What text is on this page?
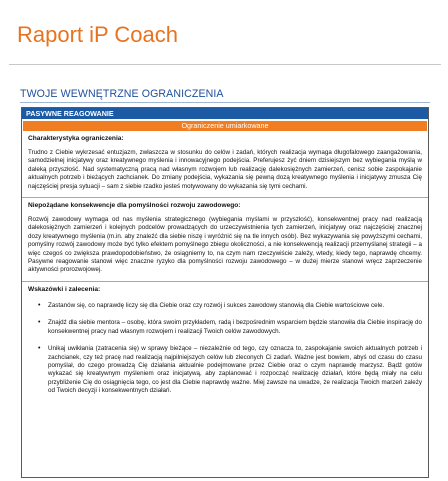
Raport iP Coach
TWOJE WEWNĘTRZNE OGRANICZENIA
PASYWNE REAGOWANIE
Ograniczenie umiarkowane
Charakterystyka ograniczenia:
Trudno z Ciebie wykrzesać entuzjazm, zwłaszcza w stosunku do celów i zadań, których realizacja wymaga długofalowego zaangażowania, samodzielnej inicjatywy oraz kreatywnego myślenia i innowacyjnego podejścia. Preferujesz żyć dniem dzisiejszym bez wybiegania myślą w daleką przyszłość. Nad systematyczną pracą nad własnym rozwojem lub realizację dalekosiężnych zamierzeń, cenisz sobie zaspokajanie aktualnych potrzeb i bieżących zachcianek. Do zmiany podejścia, wykazania się pewną dozą kreatywnego myślenia i inicjatywy zmusza Cię najczęściej presja sytuacji – sam z siebie rzadko jesteś motywowany do wykazania się tymi cechami.
Niepożądane konsekwencje dla pomyślności rozwoju zawodowego:
Rozwój zawodowy wymaga od nas myślenia strategicznego (wybiegania myślami w przyszłość), konsekwentnej pracy nad realizacją dalekosiężnych zamierzeń i kolejnych podcelów prowadzących do urzeczywistnienia tych zamierzeń, inicjatywy oraz najczęściej znacznej dozy kreatywnego myślenia (m.in. aby znaleźć dla siebie niszę i wyróżnić się na tle innych osób). Bez wykazywania się powyższymi cechami, pomyślny rozwój zawodowy może być tylko efektem pomyślnego zbiegu okoliczności, a nie konsekwencją realizacji przemyślanej strategii – a więc czegoś co zwiększa prawdopodobieństwo, że osiągniemy to, na czym nam rzeczywiście zależy, wtedy, kiedy tego, naprawdę chcemy. Pasywne reagowanie stanowi więc znaczne ryzyko dla pomyślności rozwoju zawodowego – w dużej mierze stanowi wręcz zaprzeczenie aktywności prorozwojowej.
Wskazówki i zalecenia:
• Zastanów się, co naprawdę liczy się dla Ciebie oraz czy rozwój i sukces zawodowy stanowią dla Ciebie wartościowe cele.
• Znajdź dla siebie mentora – osobę, która swoim przykładem, radą i bezpośrednim wsparciem będzie stanowiła dla Ciebie inspirację do konsekwentnej pracy nad własnym rozwojem i realizacji Twoich celów zawodowych.
• Unikaj uwikłania (zatracenia się) w sprawy bieżące – niezależnie od tego, czy oznacza to, zaspokajanie swoich aktualnych potrzeb i zachcianek, czy też pracę nad realizacją najpilniejszych celów lub zleconych Ci zadań. Ważne jest bowiem, abyś od czasu do czasu pomyślał, do czego prowadzą Cię działania aktualnie podejmowane przez Ciebie oraz o czym naprawdę marzysz. Bądź gotów wykazać się kreatywnym myśleniem oraz inicjatywą, aby zaplanować i rozpocząć realizację działań, które będą miały na celu przybliżenie Cię do osiągnięcia tego, co jest dla Ciebie naprawdę ważne. Miej zawsze na uwadze, że realizacja Twoich marzeń zależy od Twoich decyzji i konsekwentnych działań.
